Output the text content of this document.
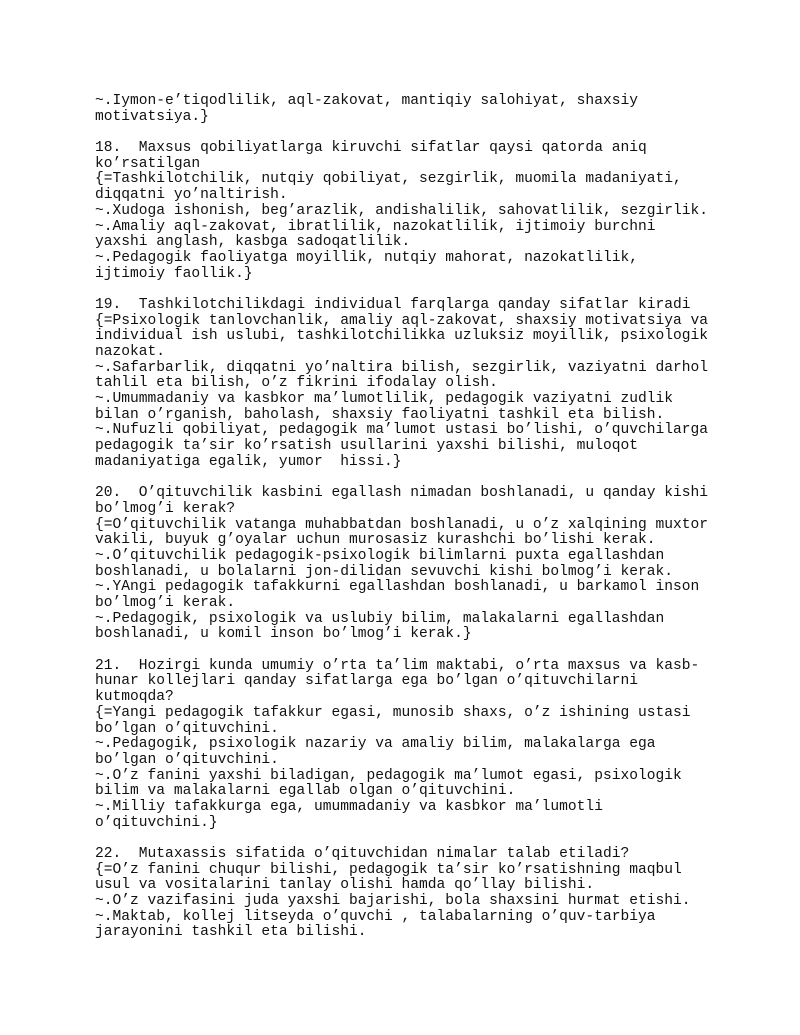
~.Iymon-e’tiqodlilik, aql-zakovat, mantiqiy salohiyat, shaxsiy
motivatsiya.}
18.  Maxsus qobiliyatlarga kiruvchi sifatlar qaysi qatorda aniq
ko’rsatilgan
{=Tashkilotchilik, nutqiy qobiliyat, sezgirlik, muomila madaniyati,
diqqatni yo’naltirish.
~.Xudoga ishonish, beg’arazlik, andishalilik, sahovatlilik, sezgirlik.
~.Amaliy aql-zakovat, ibratlilik, nazokatlilik, ijtimoiy burchni
yaxshi anglash, kasbga sadoqatlilik.
~.Pedagogik faoliyatga moyillik, nutqiy mahorat, nazokatlilik,
ijtimoiy faollik.}
19.  Tashkilotchilikdagi individual farqlarga qanday sifatlar kiradi
{=Psixologik tanlovchanlik, amaliy aql-zakovat, shaxsiy motivatsiya va
individual ish uslubi, tashkilotchilikka uzluksiz moyillik, psixologik
nazokat.
~.Safarbarlik, diqqatni yo’naltira bilish, sezgirlik, vaziyatni darhol
tahlil eta bilish, o’z fikrini ifodalay olish.
~.Umummadaniy va kasbkor ma’lumotlilik, pedagogik vaziyatni zudlik
bilan o’rganish, baholash, shaxsiy faoliyatni tashkil eta bilish.
~.Nufuzli qobiliyat, pedagogik ma’lumot ustasi bo’lishi, o’quvchilarga
pedagogik ta’sir ko’rsatish usullarini yaxshi bilishi, muloqot
madaniyatiga egalik, yumor  hissi.}
20.  O’qituvchilik kasbini egallash nimadan boshlanadi, u qanday kishi
bo’lmog’i kerak?
{=O’qituvchilik vatanga muhabbatdan boshlanadi, u o’z xalqining muxtor
vakili, buyuk g’oyalar uchun murosasiz kurashchi bo’lishi kerak.
~.O’qituvchilik pedagogik-psixologik bilimlarni puxta egallashdan
boshlanadi, u bolalarni jon-dilidan sevuvchi kishi bolmog’i kerak.
~.YAngi pedagogik tafakkurni egallashdan boshlanadi, u barkamol inson
bo’lmog’i kerak.
~.Pedagogik, psixologik va uslubiy bilim, malakalarni egallashdan
boshlanadi, u komil inson bo’lmog’i kerak.}
21.  Hozirgi kunda umumiy o’rta ta’lim maktabi, o’rta maxsus va kasb-
hunar kollejlari qanday sifatlarga ega bo’lgan o’qituvchilarni
kutmoqda?
{=Yangi pedagogik tafakkur egasi, munosib shaxs, o’z ishining ustasi
bo’lgan o’qituvchini.
~.Pedagogik, psixologik nazariy va amaliy bilim, malakalarga ega
bo’lgan o’qituvchini.
~.O’z fanini yaxshi biladigan, pedagogik ma’lumot egasi, psixologik
bilim va malakalarni egallab olgan o’qituvchini.
~.Milliy tafakkurga ega, umummadaniy va kasbkor ma’lumotli
o’qituvchini.}
22.  Mutaxassis sifatida o’qituvchidan nimalar talab etiladi?
{=O’z fanini chuqur bilishi, pedagogik ta’sir ko’rsatishning maqbul
usul va vositalarini tanlay olishi hamda qo’llay bilishi.
~.O’z vazifasini juda yaxshi bajarishi, bola shaxsini hurmat etishi.
~.Maktab, kollej litseyda o’quvchi , talabalarning o’quv-tarbiya
jarayonini tashkil eta bilishi.
